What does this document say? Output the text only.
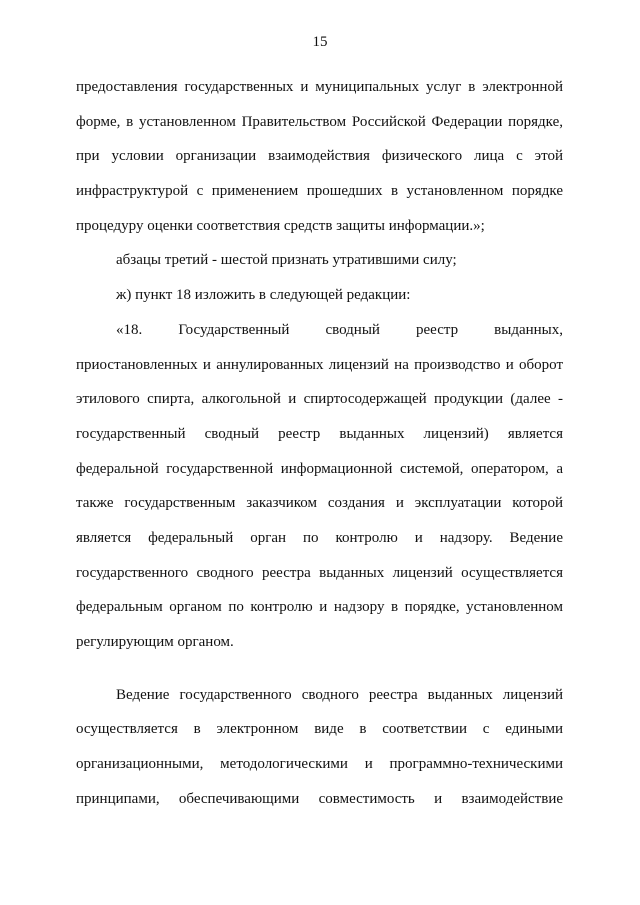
15
предоставления государственных и муниципальных услуг в электронной
форме, в установленном Правительством Российской Федерации порядке,
при условии организации взаимодействия физического лица с этой
инфраструктурой с применением прошедших в установленном порядке
процедуру оценки соответствия средств защиты информации.»;
абзацы третий - шестой признать утратившими силу;
ж) пункт 18 изложить в следующей редакции:
«18. Государственный сводный реестр выданных,
приостановленных и аннулированных лицензий на производство и оборот
этилового спирта, алкогольной и спиртосодержащей продукции (далее -
государственный сводный реестр выданных лицензий) является
федеральной государственной информационной системой, оператором, а
также государственным заказчиком создания и эксплуатации которой
является федеральный орган по контролю и надзору. Ведение
государственного сводного реестра выданных лицензий осуществляется
федеральным органом по контролю и надзору в порядке, установленном
регулирующим органом.
Ведение государственного сводного реестра выданных лицензий
осуществляется в электронном виде в соответствии с едиными
организационными, методологическими и программно-техническими
принципами, обеспечивающими совместимость и взаимодействие
